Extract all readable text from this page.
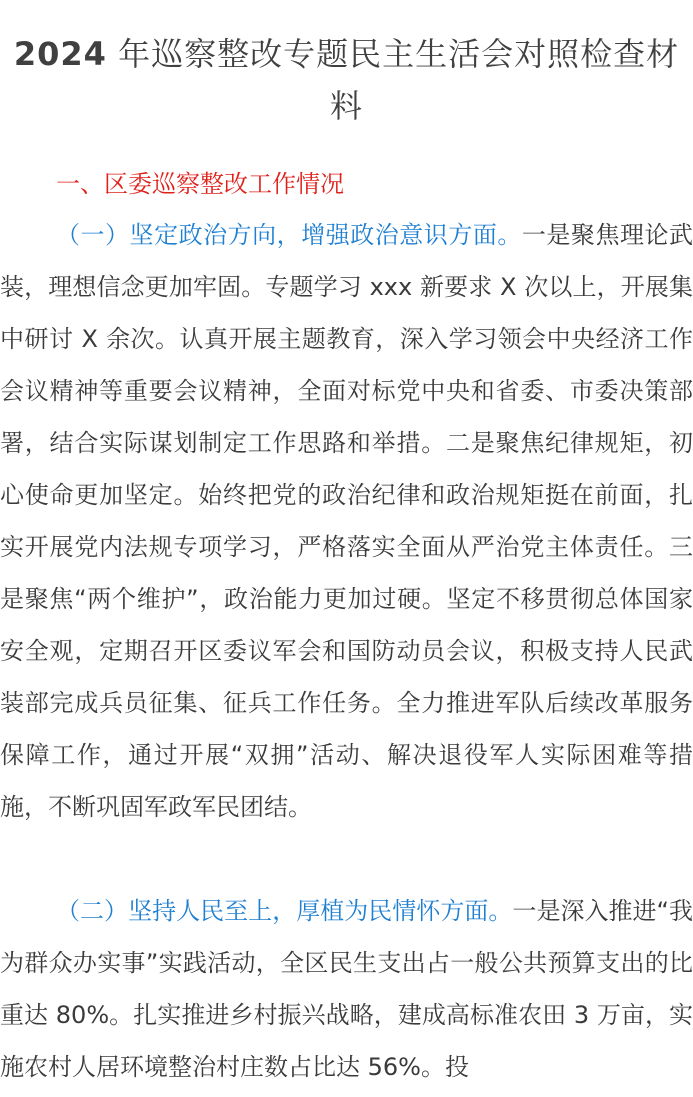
2024 年巡察整改专题民主生活会对照检查材料
一、区委巡察整改工作情况

（一）坚定政治方向，增强政治意识方面。一是聚焦理论武装，理想信念更加牢固。专题学习 xxx 新要求 X 次以上，开展集中研讨 X 余次。认真开展主题教育，深入学习领会中央经济工作会议精神等重要会议精神，全面对标党中央和省委、市委决策部署，结合实际谋划制定工作思路和举措。二是聚焦纪律规矩，初心使命更加坚定。始终把党的政治纪律和政治规矩挺在前面，扎实开展党内法规专项学习，严格落实全面从严治党主体责任。三是聚焦“两个维护”，政治能力更加过硬。坚定不移贯彻总体国家安全观，定期召开区委议军会和国防动员会议，积极支持人民武装部完成兵员征集、征兵工作任务。全力推进军队后续改革服务保障工作，通过开展“双拥”活动、解决退役军人实际困难等措施，不断巩固军政军民团结。

（二）坚持人民至上，厚植为民情怀方面。一是深入推进“我为群众办实事”实践活动，全区民生支出占一般公共预算支出的比重达 80%。扎实推进乡村振兴战略，建成高标准农田 3 万亩，实施农村人居环境整治村庄数占比达 56%。投
